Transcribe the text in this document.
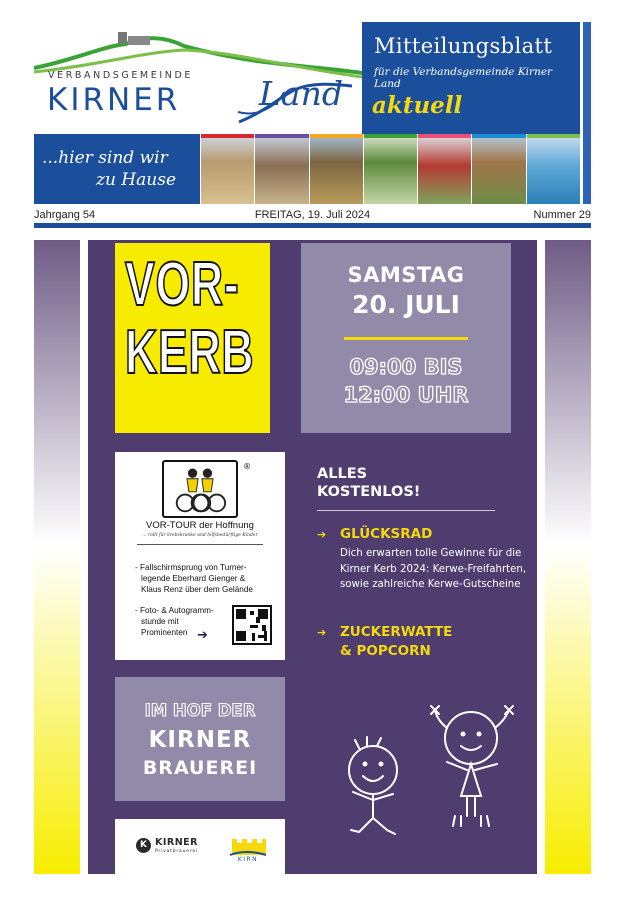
VERBANDSGEMEINDE
KIRNER Land
Mitteilungsblatt
für die Verbandsgemeinde Kirner Land
aktuell
...hier sind wir
zu Hause
Jahrgang 54	FREITAG, 19. Juli 2024	Nummer 29
VOR-
KERB
SAMSTAG
20. JULI
09:00 BIS
12:00 UHR
®
VOR-TOUR der Hoffnung
... rollt für krebskranke und hilfsbedürftige Kinder
- Fallschirmsprung von Turner-
legende Eberhard Gienger &
Klaus Renz über dem Gelände
- Foto- & Autogramm-
stunde mit
Prominenten ➔
ALLES
KOSTENLOS!
➔ GLÜCKSRAD
Dich erwarten tolle Gewinne für die Kirner Kerb 2024: Kerwe-Freifahrten, sowie zahlreiche Kerwe-Gutscheine
➔ ZUCKERWATTE
& POPCORN
IM HOF DER
KIRNER
BRAUEREI
K KIRNER
Privatbrauerei
KIRN
